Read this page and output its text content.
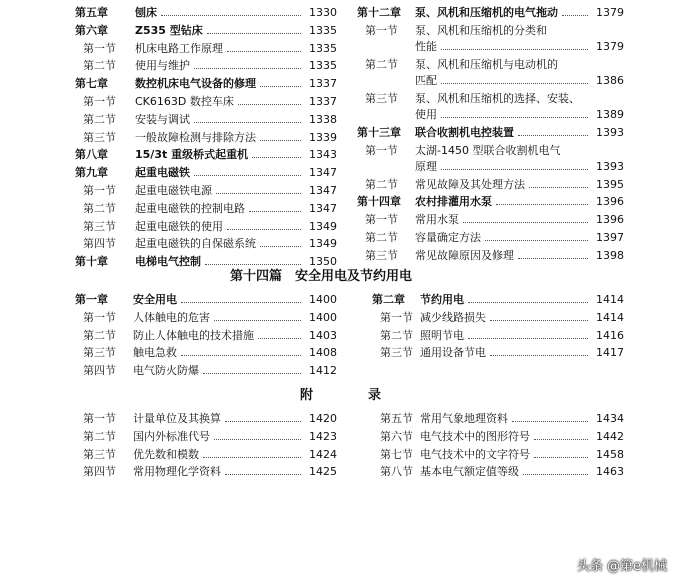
第五章 刨床	1330
第六章 Z535 型钻床	1335
第一节 机床电路工作原理	1335
第二节 使用与维护	1335
第七章 数控机床电气设备的修理	1337
第一节 CK6163D 数控车床	1337
第二节 安装与调试	1338
第三节 一般故障检测与排除方法	1339
第八章 15/3t 重级桥式起重机	1343
第九章 起重电磁铁	1347
第一节 起重电磁铁电源	1347
第二节 起重电磁铁的控制电路	1347
第三节 起重电磁铁的使用	1349
第四节 起重电磁铁的自保磁系统	1349
第十章 电梯电气控制	1350
第十二章 泵、风机和压缩机的电气拖动	1379
第一节 泵、风机和压缩机的分类和
性能	1379
第二节 泵、风机和压缩机与电动机的
匹配	1386
第三节 泵、风机和压缩机的选择、安装、
使用	1389
第十三章 联合收割机电控装置	1393
第一节 太湖-1450 型联合收割机电气
原理	1393
第二节 常见故障及其处理方法	1395
第十四章 农村排灌用水泵	1396
第一节 常用水泵	1396
第二节 容量确定方法	1397
第三节 常见故障原因及修理	1398
第十四篇　安全用电及节约用电
第一章 安全用电	1400
第一节 人体触电的危害	1400
第二节 防止人体触电的技术措施	1403
第三节 触电急救	1408
第四节 电气防火防爆	1412
第二章 节约用电	1414
第一节 减少线路损失	1414
第二节 照明节电	1416
第三节 通用设备节电	1417
附	录
第一节 计量单位及其换算	1420
第二节 国内外标准代号	1423
第三节 优先数和模数	1424
第四节 常用物理化学资料	1425
第五节 常用气象地理资料	1434
第六节 电气技术中的图形符号	1442
第七节 电气技术中的文字符号	1458
第八节 基本电气额定值等级	1463
头条 @第e机械
